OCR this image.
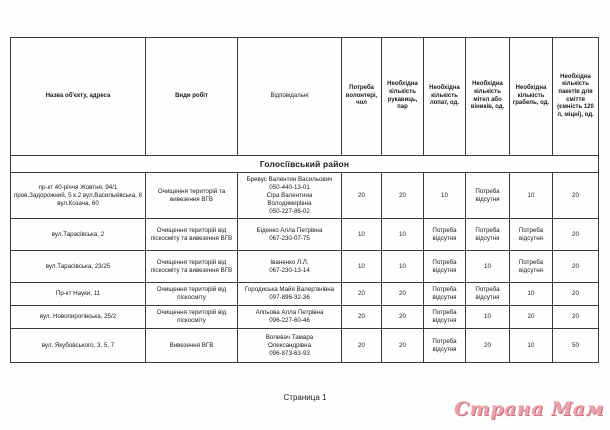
Назва об'єкту, адреса	Види робіт	Відповідальні	Потреба волонтері, чол	Необхідна кількість рукавиць, пар	Необхідна кількість лопат, од.	Необхідна кількість мітел або віників, од.	Необхідна кількість грабель, од.	Необхідна кількість пакетів для сміття (ємність 120 л, міцні), од.
Голосіївський район								
пр-кт 40-річчя Жовтня, 94/1 пров.Задорожний, 5 к.2 вул.Васильківська, 8 вул.Козача, 60	Очищення територій та вивезення ВГВ	Бревус Валентин Васильович
050-440-13-01
Сіра Валентина
Володимирівна
050-227-86-02	20	20	10	Потреба відсутня	10	20
вул.Тарасівська, 2	Очищення територій від піскосміту та вивезення ВГВ	Біденко Алла Петрівна
067-230-07-75	10	10	Потреба відсутня	Потреба відсутня	Потреба відсутня	20
вул.Тарасівська, 23/25	Очищення територій від піскосміту та вивезення ВГВ	Іваненко Л.Л.
067-230-13-14	10	10	Потреба відсутня	10	Потреба відсутня	20
Пр-кт Науки, 11	Очищення територій від піскосміту	Городиська Майя Валер'янівна
097-896-32-36	20	20	Потреба відсутня	Потреба відсутня	10	20
вул. Новопирогівська, 25/2	Очищення територій від піскосміту	Аппьова Алла Петрівна
096-227-60-46	20	20	Потреба відсутня	10	20	20
вул. Якубовського, 3, 5, 7	Вивезення ВГВ	Волевач Тамара
Олександрівна
096-873-63-93	20	20	Потреба відсутня	20	10	50
Страница 1
Страна Мам
